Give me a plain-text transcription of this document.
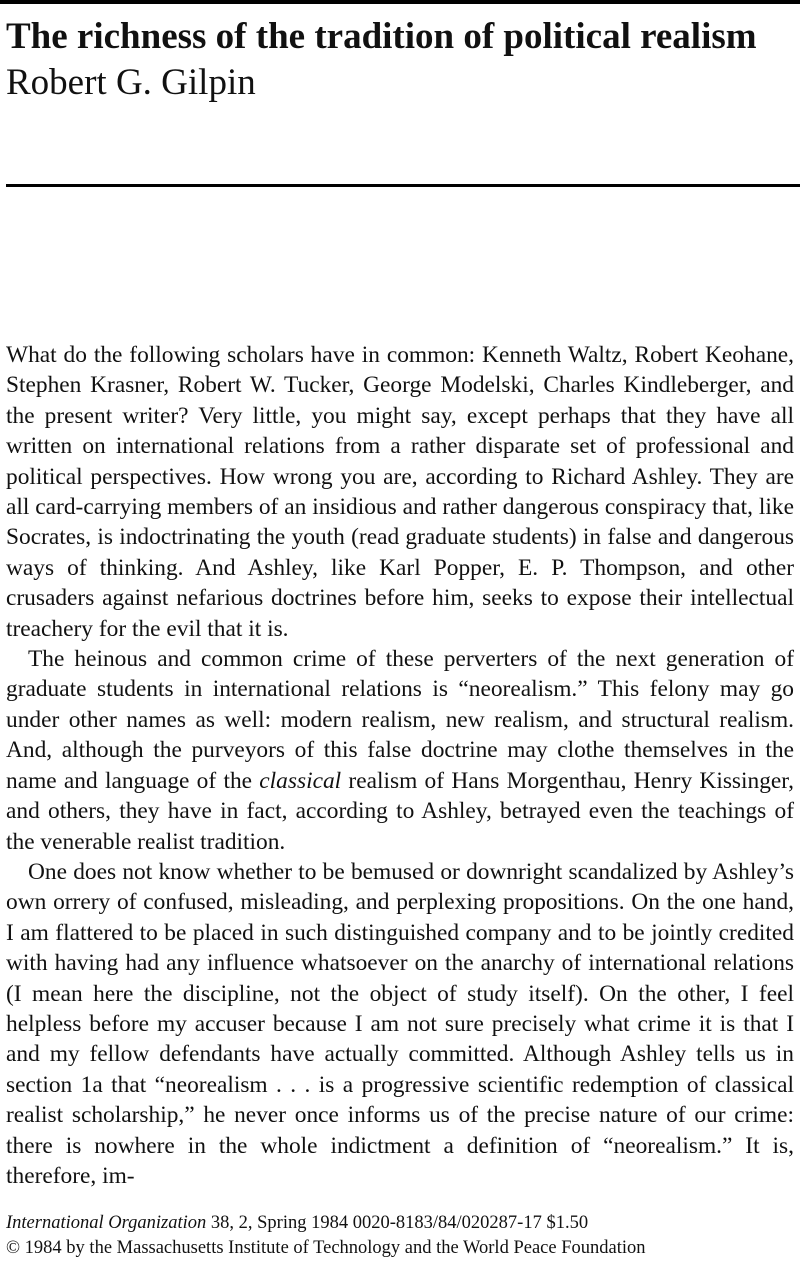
The richness of the tradition of political realism Robert G. Gilpin

What do the following scholars have in common: Kenneth Waltz, Robert Keohane, Stephen Krasner, Robert W. Tucker, George Modelski, Charles Kindleberger, and the present writer? Very little, you might say, except perhaps that they have all written on international relations from a rather disparate set of professional and political perspectives. How wrong you are, according to Richard Ashley. They are all card-carrying members of an insidious and rather dangerous conspiracy that, like Socrates, is indoctrinating the youth (read graduate students) in false and dangerous ways of thinking. And Ashley, like Karl Popper, E. P. Thompson, and other crusaders against nefarious doctrines before him, seeks to expose their intellectual treachery for the evil that it is.

The heinous and common crime of these perverters of the next generation of graduate students in international relations is “neorealism.” This felony may go under other names as well: modern realism, new realism, and structural realism. And, although the purveyors of this false doctrine may clothe themselves in the name and language of the classical realism of Hans Morgenthau, Henry Kissinger, and others, they have in fact, according to Ashley, betrayed even the teachings of the venerable realist tradition.

One does not know whether to be bemused or downright scandalized by Ashley’s own orrery of confused, misleading, and perplexing propositions. On the one hand, I am flattered to be placed in such distinguished company and to be jointly credited with having had any influence whatsoever on the anarchy of international relations (I mean here the discipline, not the object of study itself). On the other, I feel helpless before my accuser because I am not sure precisely what crime it is that I and my fellow defendants have actually committed. Although Ashley tells us in section 1a that “neorealism . . . is a progressive scientific redemption of classical realist scholarship,” he never once informs us of the precise nature of our crime: there is nowhere in the whole indictment a definition of “neorealism.” It is, therefore, im-

International Organization 38, 2, Spring 1984 0020-8183/84/020287-17 $1.50
© 1984 by the Massachusetts Institute of Technology and the World Peace Foundation
